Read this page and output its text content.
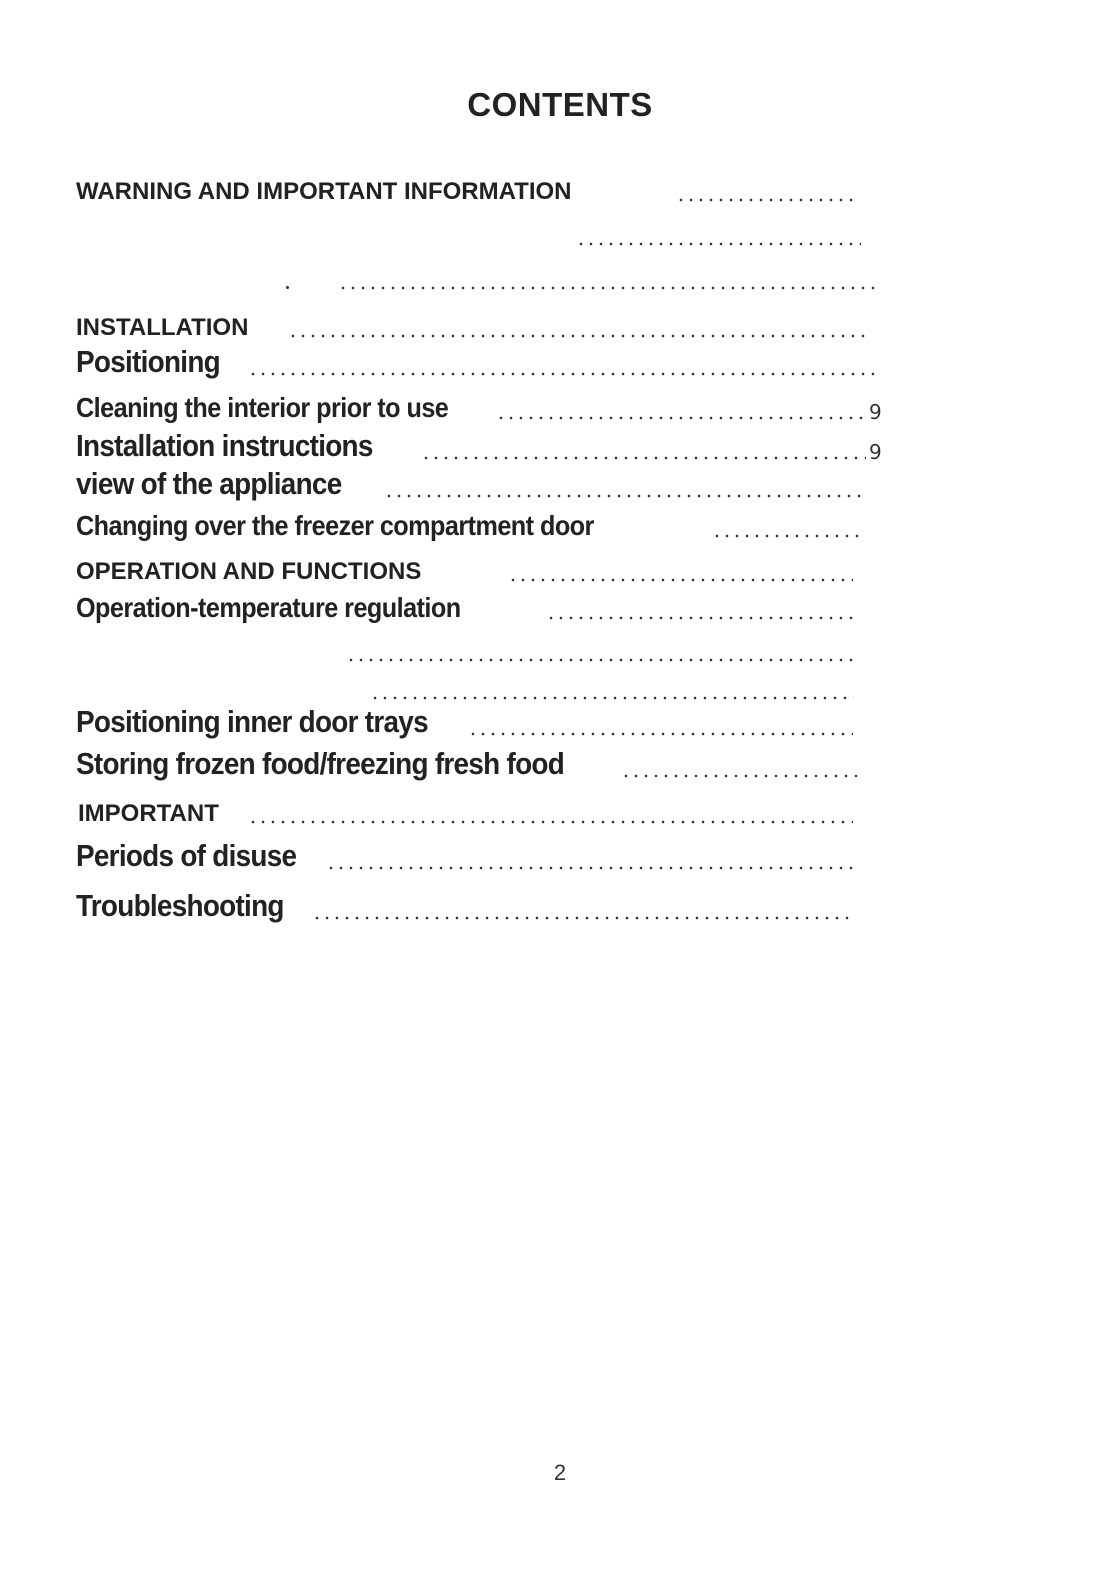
CONTENTS
WARNING AND IMPORTANT INFORMATION
INSTALLATION
Positioning
Cleaning the interior prior to use	9
Installation instructions	9
view of the appliance
Changing over the freezer compartment door
OPERATION AND FUNCTIONS
Operation-temperature regulation
Positioning inner door trays
Storing frozen food/freezing fresh food
IMPORTANT
Periods of disuse
Troubleshooting
2
